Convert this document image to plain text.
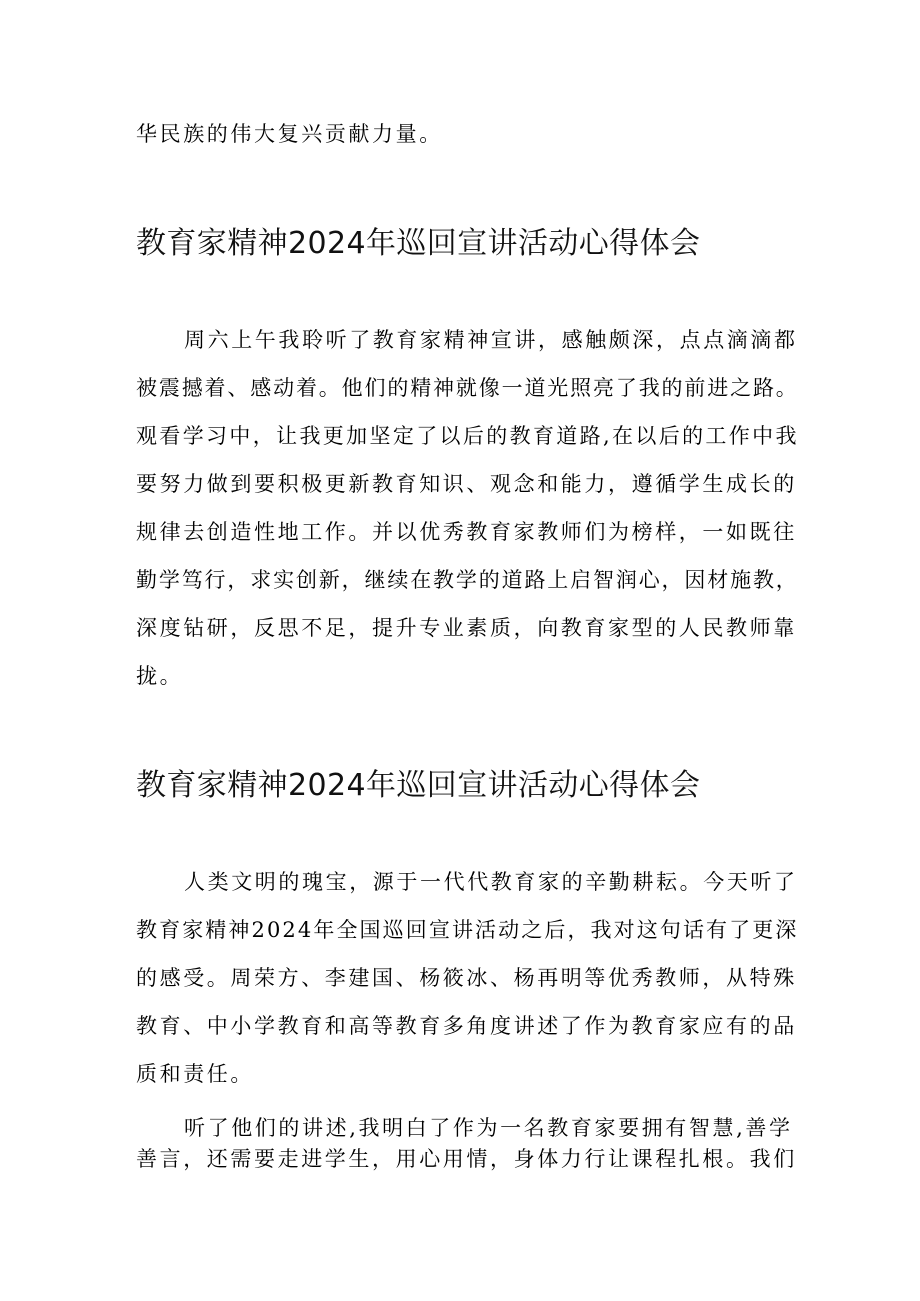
华民族的伟大复兴贡献力量。
教育家精神2024年巡回宣讲活动心得体会
周六上午我聆听了教育家精神宣讲，感触颇深，点点滴滴都
被震撼着、感动着。他们的精神就像一道光照亮了我的前进之路。
观看学习中，让我更加坚定了以后的教育道路,在以后的工作中我
要努力做到要积极更新教育知识、观念和能力，遵循学生成长的
规律去创造性地工作。并以优秀教育家教师们为榜样，一如既往
勤学笃行，求实创新，继续在教学的道路上启智润心，因材施教，
深度钻研，反思不足，提升专业素质，向教育家型的人民教师靠
拢。
教育家精神2024年巡回宣讲活动心得体会
人类文明的瑰宝，源于一代代教育家的辛勤耕耘。今天听了
教育家精神2024年全国巡回宣讲活动之后，我对这句话有了更深
的感受。周荣方、李建国、杨筱冰、杨再明等优秀教师，从特殊
教育、中小学教育和高等教育多角度讲述了作为教育家应有的品
质和责任。
听了他们的讲述,我明白了作为一名教育家要拥有智慧,善学
善言，还需要走进学生，用心用情，身体力行让课程扎根。我们
